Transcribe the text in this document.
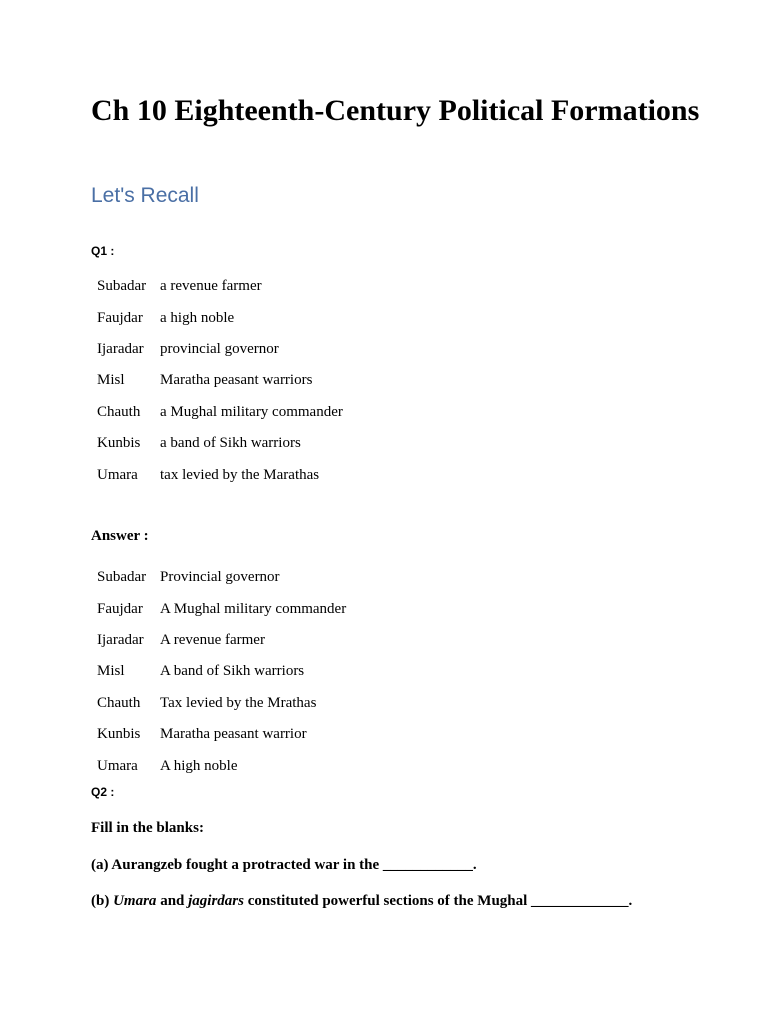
Ch 10 Eighteenth-Century Political Formations
Let's Recall

Q1 :

Subadar	a revenue farmer
Faujdar	a high noble
Ijaradar	provincial governor
Misl	Maratha peasant warriors
Chauth	a Mughal military commander
Kunbis	a band of Sikh warriors
Umara	tax levied by the Marathas

Answer :

Subadar	Provincial governor
Faujdar	A Mughal military commander
Ijaradar	A revenue farmer
Misl	A band of Sikh warriors
Chauth	Tax levied by the Mrathas
Kunbis	Maratha peasant warrior
Umara	A high noble

Q2 :

Fill in the blanks:

(a) Aurangzeb fought a protracted war in the ____________.

(b) Umara and jagirdars constituted powerful sections of the Mughal _____________.
